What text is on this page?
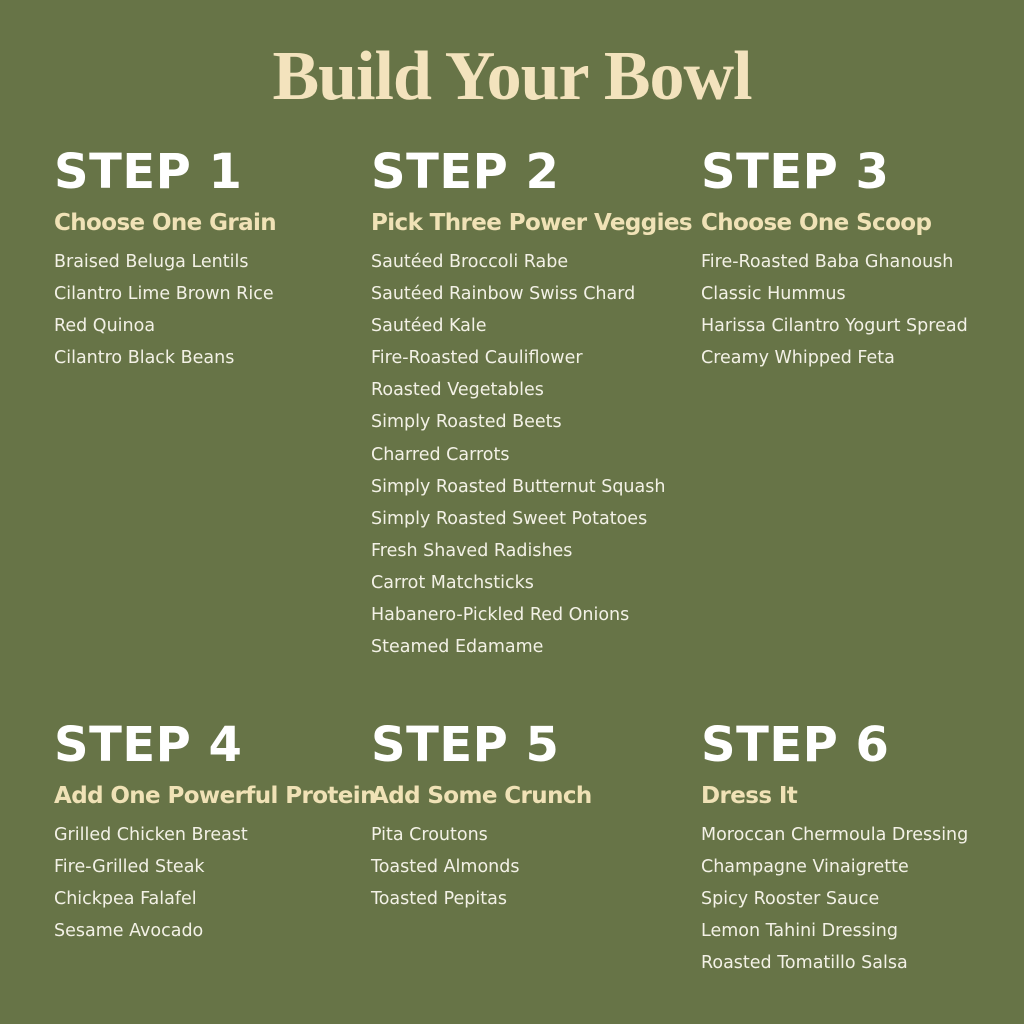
Build Your Bowl
STEP 1
Choose One Grain
Braised Beluga Lentils
Cilantro Lime Brown Rice
Red Quinoa
Cilantro Black Beans
STEP 2
Pick Three Power Veggies
Sautéed Broccoli Rabe
Sautéed Rainbow Swiss Chard
Sautéed Kale
Fire-Roasted Cauliflower
Roasted Vegetables
Simply Roasted Beets
Charred Carrots
Simply Roasted Butternut Squash
Simply Roasted Sweet Potatoes
Fresh Shaved Radishes
Carrot Matchsticks
Habanero-Pickled Red Onions
Steamed Edamame
STEP 3
Choose One Scoop
Fire-Roasted Baba Ghanoush
Classic Hummus
Harissa Cilantro Yogurt Spread
Creamy Whipped Feta
STEP 4
Add One Powerful Protein
Grilled Chicken Breast
Fire-Grilled Steak
Chickpea Falafel
Sesame Avocado
STEP 5
Add Some Crunch
Pita Croutons
Toasted Almonds
Toasted Pepitas
STEP 6
Dress It
Moroccan Chermoula Dressing
Champagne Vinaigrette
Spicy Rooster Sauce
Lemon Tahini Dressing
Roasted Tomatillo Salsa
